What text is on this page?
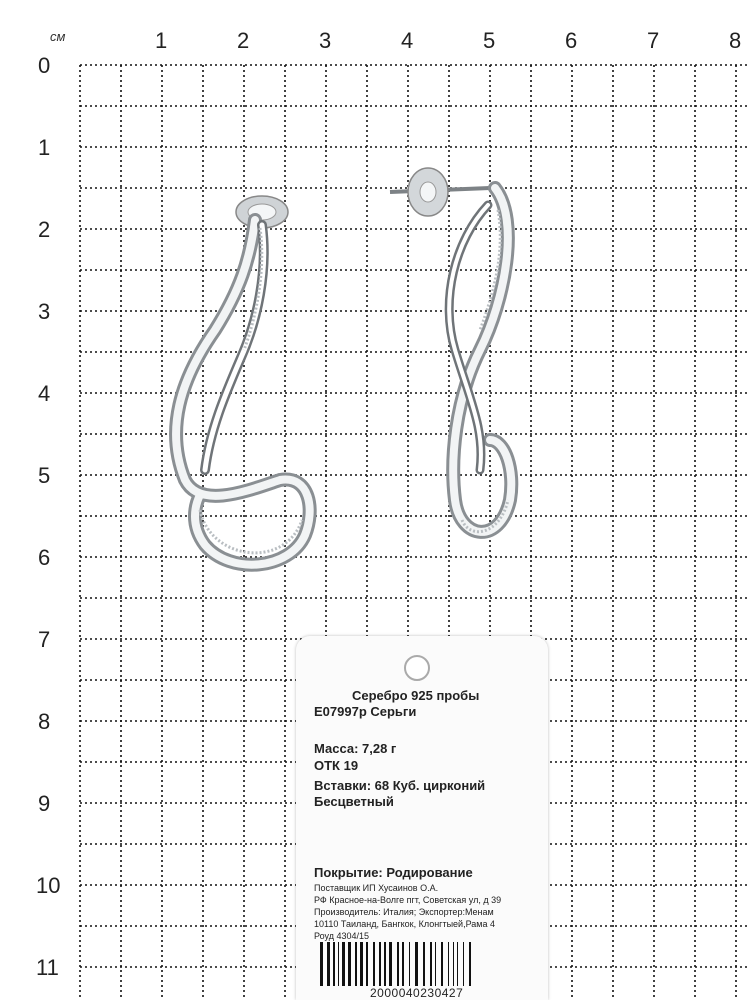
см	1	2	3	4	5	6	7	8
0
1
2
3
4
5
6
7
8
9
10
11
Серебро 925 пробы
E07997p Серьги
Масса: 7,28 г
ОТК 19
Вставки: 68 Куб. цирконий
Бесцветный
Покрытие: Родирование
Поставщик ИП Хусаинов О.А.
РФ Красное-на-Волге пгт, Советская ул, д 39
Производитель: Италия; Экспортер:Менам
10110 Таиланд, Бангкок, Клонгтыей,Рама 4
Роуд 4304/15
2000040230427
